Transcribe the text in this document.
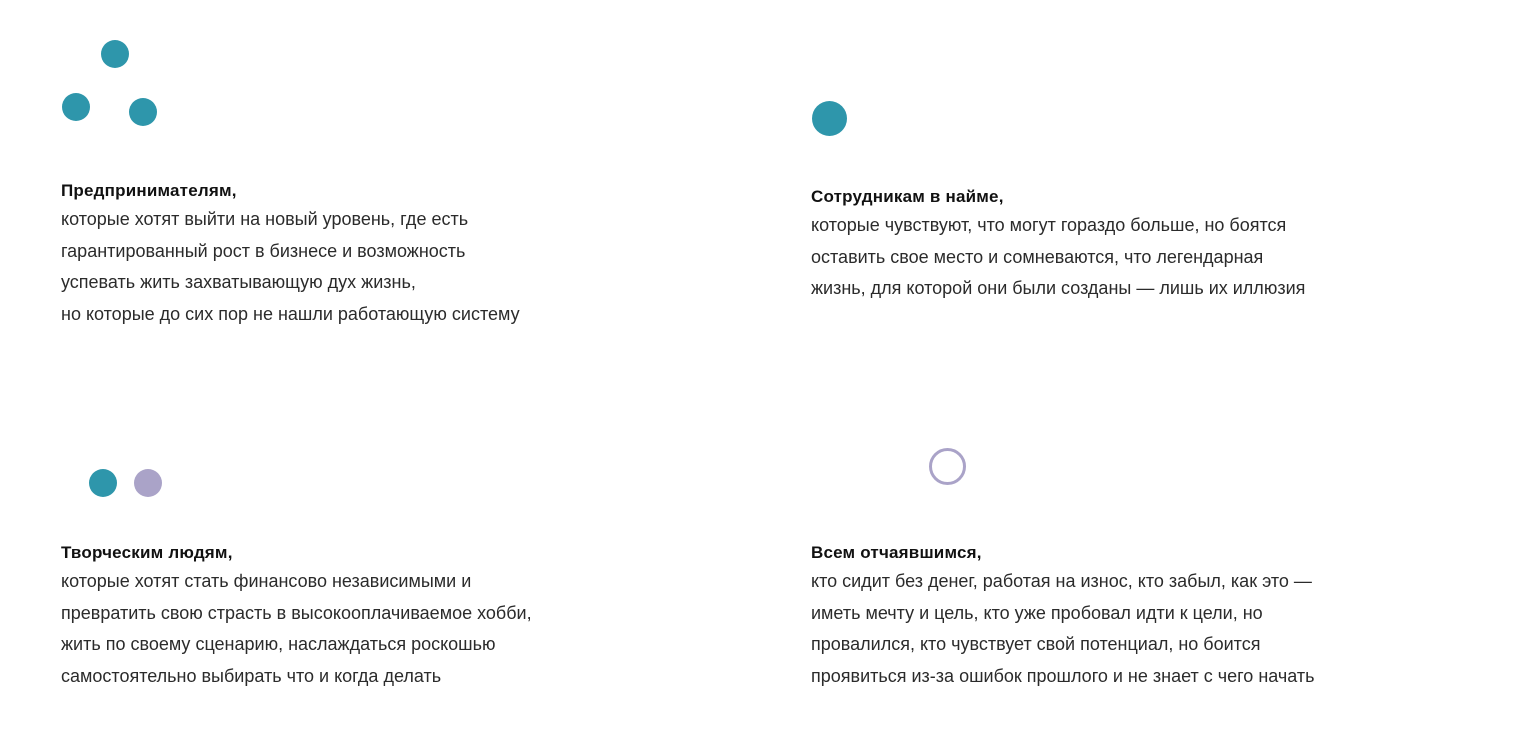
Предпринимателям,

которые хотят выйти на новый уровень, где есть
гарантированный рост в бизнесе и возможность
успевать жить захватывающую дух жизнь,
но которые до сих пор не нашли работающую систему

Сотрудникам в найме,

которые чувствуют, что могут гораздо больше, но боятся
оставить свое место и сомневаются, что легендарная
жизнь, для которой они были созданы — лишь их иллюзия

Творческим людям,

которые хотят стать финансово независимыми и
превратить свою страсть в высокооплачиваемое хобби,
жить по своему сценарию, наслаждаться роскошью
самостоятельно выбирать что и когда делать

Всем отчаявшимся,

кто сидит без денег, работая на износ, кто забыл, как это —
иметь мечту и цель, кто уже пробовал идти к цели, но
провалился, кто чувствует свой потенциал, но боится
проявиться из-за ошибок прошлого и не знает с чего начать
